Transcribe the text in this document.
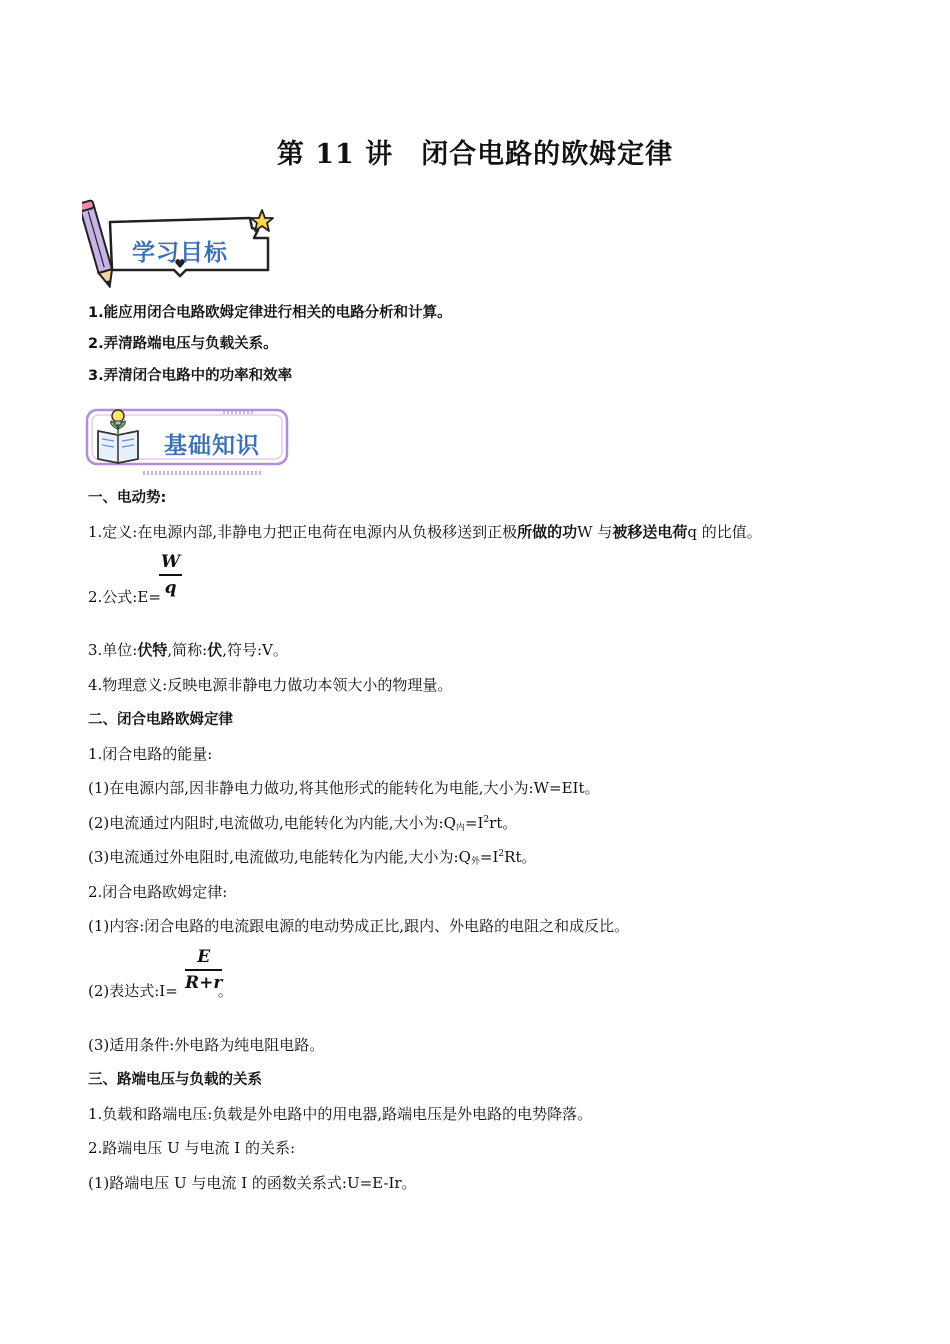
第 11 讲 闭合电路的欧姆定律
学习目标
1.能应用闭合电路欧姆定律进行相关的电路分析和计算。
2.弄清路端电压与负载关系。
3.弄清闭合电路中的功率和效率
基础知识
一、电动势:
1.定义:在电源内部,非静电力把正电荷在电源内从负极移送到正极所做的功W 与被移送电荷q 的比值。
2.公式:E=
$\frac{W}{q}$
3.单位:伏特,简称:伏,符号:V。
4.物理意义:反映电源非静电力做功本领大小的物理量。
二、闭合电路欧姆定律
1.闭合电路的能量:
(1)在电源内部,因非静电力做功,将其他形式的能转化为电能,大小为:W=EIt。
(2)电流通过内阻时,电流做功,电能转化为内能,大小为$:Q_内=I^2rt$。
(3)电流通过外电阻时,电流做功,电能转化为内能,大小为$:Q_外=I^2Rt$。
2.闭合电路欧姆定律:
(1)内容:闭合电路的电流跟电源的电动势成正比,跟内、外电路的电阻之和成反比。
(2)表达式:I=	。
$\frac{E}{R+r}$
(3)适用条件:外电路为纯电阻电路。
三、路端电压与负载的关系
1.负载和路端电压:负载是外电路中的用电器,路端电压是外电路的电势降落。
2.路端电压 U 与电流 I 的关系:
(1)路端电压 U 与电流 I 的函数关系式:U=E-Ir。
